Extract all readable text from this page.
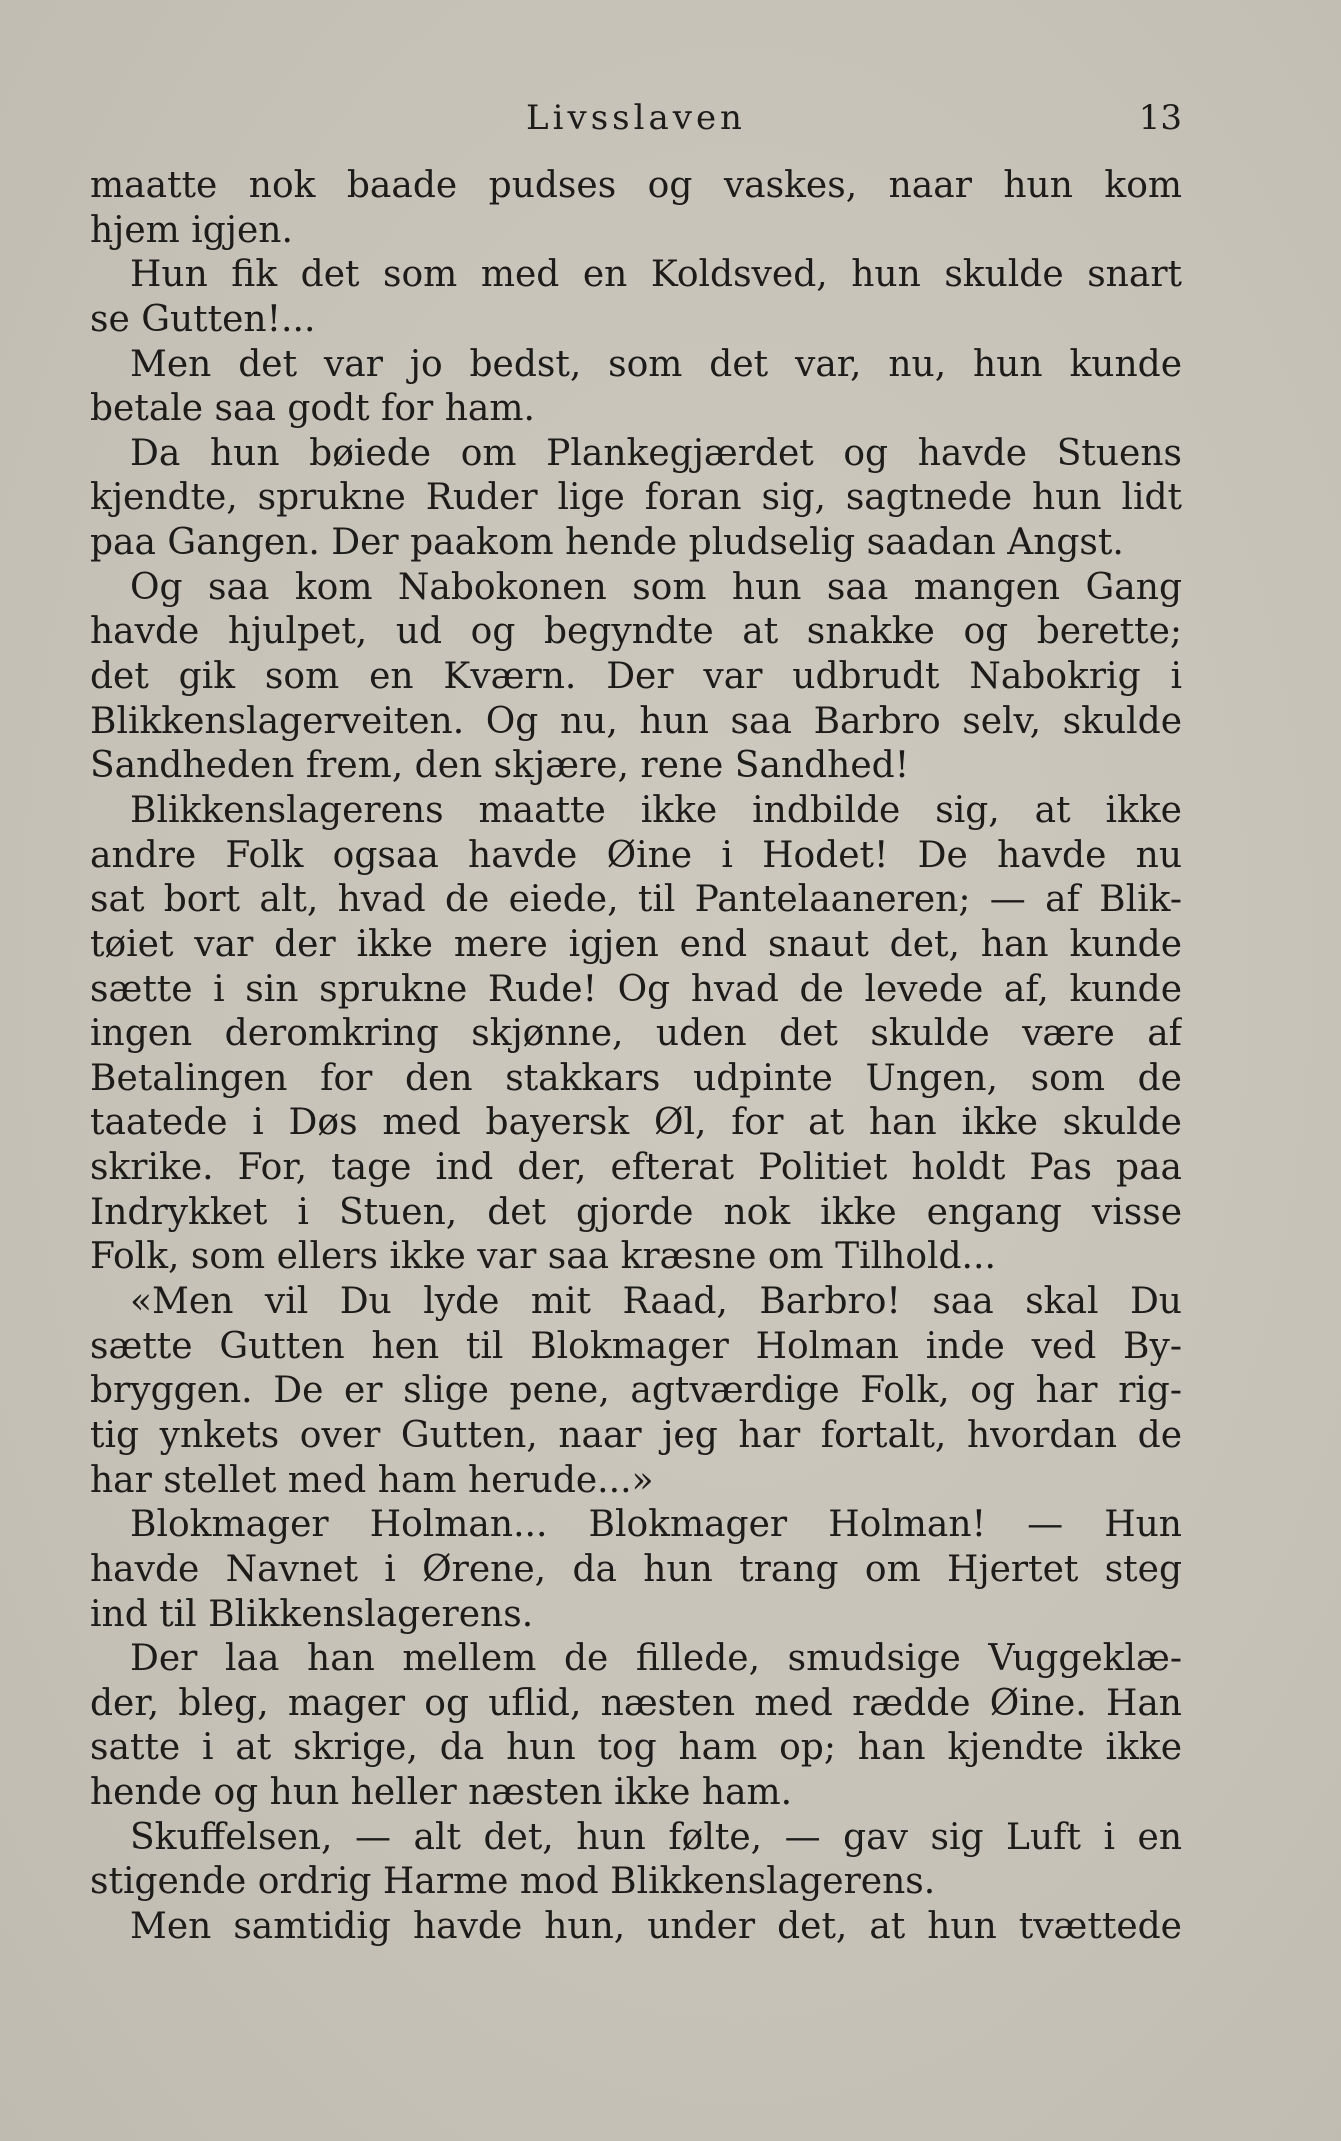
Livsslaven	13
maatte nok baade pudses og vaskes, naar hun kom
hjem igjen.
Hun fik det som med en Koldsved, hun skulde snart
se Gutten!...
Men det var jo bedst, som det var, nu, hun kunde
betale saa godt for ham.
Da hun bøiede om Plankegjærdet og havde Stuens
kjendte, sprukne Ruder lige foran sig, sagtnede hun lidt
paa Gangen. Der paakom hende pludselig saadan Angst.
Og saa kom Nabokonen som hun saa mangen Gang
havde hjulpet, ud og begyndte at snakke og berette;
det gik som en Kværn. Der var udbrudt Nabokrig i
Blikkenslagerveiten. Og nu, hun saa Barbro selv, skulde
Sandheden frem, den skjære, rene Sandhed!
Blikkenslagerens maatte ikke indbilde sig, at ikke
andre Folk ogsaa havde Øine i Hodet! De havde nu
sat bort alt, hvad de eiede, til Pantelaaneren; — af Blik-
tøiet var der ikke mere igjen end snaut det, han kunde
sætte i sin sprukne Rude! Og hvad de levede af, kunde
ingen deromkring skjønne, uden det skulde være af
Betalingen for den stakkars udpinte Ungen, som de
taatede i Døs med bayersk Øl, for at han ikke skulde
skrike. For, tage ind der, efterat Politiet holdt Pas paa
Indrykket i Stuen, det gjorde nok ikke engang visse
Folk, som ellers ikke var saa kræsne om Tilhold...
«Men vil Du lyde mit Raad, Barbro! saa skal Du
sætte Gutten hen til Blokmager Holman inde ved By-
bryggen. De er slige pene, agtværdige Folk, og har rig-
tig ynkets over Gutten, naar jeg har fortalt, hvordan de
har stellet med ham herude...»
Blokmager Holman... Blokmager Holman! — Hun
havde Navnet i Ørene, da hun trang om Hjertet steg
ind til Blikkenslagerens.
Der laa han mellem de fillede, smudsige Vuggeklæ-
der, bleg, mager og uflid, næsten med rædde Øine. Han
satte i at skrige, da hun tog ham op; han kjendte ikke
hende og hun heller næsten ikke ham.
Skuffelsen, — alt det, hun følte, — gav sig Luft i en
stigende ordrig Harme mod Blikkenslagerens.
Men samtidig havde hun, under det, at hun tvættede
